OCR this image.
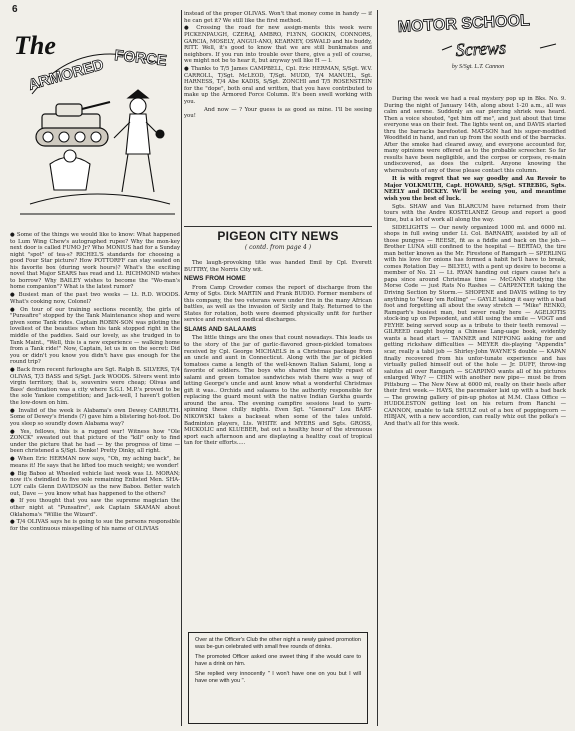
6
The
ARMORED FORCE

● Some of the things we would like to know: What happened to Lum Wing Chew's autographed rupee? Why the mon-key next door is called FUMO Jr? Who MONIUS had for a Sunday night "spot" of tea-s? RICHEL'S standards for choosing a good Four Star picture? How POTTORFF can stay seated on his favorite box (during work hours)? What's the exciting novel that Major SEARS has read and Lt. RICHMOND wishes to borrow? Why BAILEY wishes to become the "Wo-man's home companion"? What is the latest rumor?

● Busiest man of the past two weeks — Lt. R.D. WOODS. What's cooking now, Colonel?

● On tour of our training sections recently, the girls of "Punsafire" stopped by the Tank Maintenance shop and were given some Tank rides. Captain ROBIN-SON was piloting the loveliest of the beauties when his tank stopped right in the middle of the paddies. Said our lovely, as she trudged in to Tank Maint., "Well, this is a new experience — walking home from a Tank ride!" Now, Captain, let us in on the secret: Did you or didn't you know you didn't have gas enough for the round trip?

● Back from recent furloughs are Sgt. Ralph B. SILVERS, T/4 OLIVAS, T/3 BASS and S/Sgt. Jack WOODS. Silvers went into virgin territory, that is, souvenirs were cheap; Olivas and Bass' destination was a city where S.G.I. M.P.'s proved to be the sole Yankee competition; and Jack-well, I haven't gotten the low-down on him.

● Invalid of the week is Alabama's own Dewey CARRUTH. Some of Dewey's friends (?) gave him a blistering hot-foot. Do you sleep so soundly down Alabama way?

● Yes, fellows, this is a rugged war! Witness how "Ole ZONCK" sweated out that picture of the "kill" only to find under the picture that he had — by the progress of time — been christened a S/Sgt. Denke! Pretty Dinky, all right.

● When Eric HERMAN now says, "Oh, my aching back", he means it! He says that he lifted too much weight; we wonder!

● Big Baboo at Wheeled vehicle last week was Lt. MORAN; now it's dwindled to five sole remaining Enlisted Men. SHA-LOY calls Glenn DAVIDSON as the new Baboo. Better watch out, Dave — you know what has happened to the others?

● If you thought that you saw the supreme magician the other night at "Punsafire", ask Captain SKAMAN about Oklahoma's "Willie the Wizard".

● T/4 OLIVAS says he is going to sue the persons responsible for the continuous misspelling of his name of OLIVIAS

instead of the proper OLIVAS. Won't that money come in handy — if he can get it? We still like the first method.

● Crossing the road for new assign-ments this week were PICKENPAUGH, CZERAJ, AMBRO, FLYNN, GOOKIN, CONNORS, GARCIA, MOSELY, ANGUI-ANO, KEARNEY, OSWALD and his buddy, RITT. Well, it's good to know that we are still bunkmates and neighbors. If you run into trouble over there, give a yell of course, we might not be to hear it, but anyway yell like H — l.

● Thanks to T/5 James CAMPBELL, Cpl. Eric HERMAN, S/Sgt. W.V. CARROLL, T/Sgt. McLEOD, T/Sgt. MUDD, T/4 MANUEL, Sgt. HARNESS, T/4 Abe KADIS, S/Sgt. ZONCHI and T/5 ROSENSTEIN for the "dope", both oral and written, that you have contributed to make up the Armored Force Column. It's been swell working with you.

And now — ? Your guess is as good as mine. I'll be seeing you!

PIGEON CITY NEWS
( contd. from page 4 )

The laugh-provoking title was handed Emil by Cpl. Everett BUTTRY, the Norris City wit.

NEWS FROM HOME

From Camp Crowder comes the report of discharge from the Army of Sgts. Dick MARTIN and Frank BUDIO. Former members of this company, the two veterans were under fire in the many African battles, as well as the invasion of Sicily and Italy. Returned to the States for rotation, both were deemed physically unfit for further service and received medical discharges.

SLAMS AND SALAAMS

The little things are the ones that count nowadays. This leads us to the story of the jar of garlic-flavored green-pickled tomatoes received by Cpl. George MICHAELS in a Christmas package from an uncle and aunt in Connecticut. Along with the jar of pickled tomatoes came a length of the well-known Italian Salami, long a favorite of soldiers. The boys who shared the nightly repast of salami and green tomatoe sandwiches wish there was a way of letting George's uncle and aunt know what a wonderful Christmas gift it was.. Orchids and salaams to the authority responsible for replacing the guard mount with the native Indian Gurkha guards around the area. The evening campfire sessions lead to yarn-spinning these chilly nights. Even Sgt. "General" Lou BART-NIKOWSKI takes a backseat when some of the tales unfold. Badminton players, Lts. WHITE and MYERS and Sgts. GROSS, MICKOLIC and KLUEBER, bat out a healthy hour of the strenuous sport each afternoon and are displaying a healthy coat of tropical tan for their efforts.....

Over at the Officer's Club the other night a newly gained promotion was be-gun celebrated with small free rounds of drinks.

The promoted Officer asked one sweet thing if she would care to have a drink on him.

She replied very innocently " I won't have one on you but I will have one with you ".

MOTOR SCHOOL
Screws
by S/Sgt. L.T. Cannon

During the week we had a real mystery pop up in Bks. No. 9. During the night of January 14th, along about 1-20 a.m., all was calm and serene. Suddenly an ear piercing shriek was heard. Then a voice shouted, "get him off me", and just about that time everyone was on their feet. The lights went on, and DAVIS started thru the barracks barefooted. MAT-SON had his super-modified Woodfield in hand, and ran up from the south end of the barracks. After the smoke had cleared away, and everyone accounted for, many opinions were offered as to the probable screecher. So far results have been negligible, and the corpse or corpses, re-main undiscovered, as does the culprit. Anyone knowing the whereabouts of any of these please contact this column.

It is with regret that we say goodby and Au Revoir to Major VOLKMUTH, Capt. HOWARD, S/Sgt. STREBIG, Sgts. NEELY and DICKEY. We'll be seeing you, and meantime wish you the best of luck.

Sgts. SHAW and Van BLARCUM have returned from their tours with the Andre KOSTELANEZ Group and report a good time, but a lot of work all along the way.

SIDELIGHTS — Our newly organized 1000 ml. and 6000 ml. shops in full swing under Lt. Col. BARNABY, assisted by all of those pungyos — REESE, fit as a fiddle and back on the job.— Brother LUNA still confined to the hospital — BERTAO, the tire man better known as the Mr. Firestone of Ramgarh — SPERLING with his love for onions has formed a habit he'll have to break, comes Rotation Day — BILYEU, with a pent up desire to become a member of No. 21 — Lt. RYAN handing out cigars cause he's a papa since around Christmas time — McCANN studying the Morse Code — just Rats No Rashes — CARPENTER taking the Driving Section by Storm.— SHOPENE and DAVIS willing to try anything to "Keep 'em Rolling" — GAYLE taking it easy with a bad foot and forgetting all about the sway stretch — "Mike" RENKO, Ramgarh's busiest man, but never really here — AGELIOTIS stock-ing up on Pepsodent, and still using the smile — VOGT and FEYHE being served soup as a tribute to their teeth removal — GILREED caught buying a Chinese Lang-uage book, evidently wants a head start — TANNER and NIFFONG asking for and getting rickshaw difficulties — MEYER dis-playing "Appendix" scar, really a tabil job — Shirley-John WAYNE'S double — KAPAN finally recovered from his unfor-tunate experience and has virtually pulled himself out of the hole — Jr. DUFF, throw-ing salutes all over Ramgarh — SCARPINO wants all of his pictures enlarged Why? — CHIN with another new pipe— must be from Pittsburg — The New New at 6000 ml, really on their heels after their first week.— HAYS, the pacemaker laid up with a bad back — The growing gallery of pin-up photos at M.M. Class Office — HUDDLESTON getting lost on his return from Ranchi — CANNON, unable to talk SHULZ out of a box of poppingcorn — HIBJAN, with a new accordion, can really whiz out the polka's — And that's all for this week.
